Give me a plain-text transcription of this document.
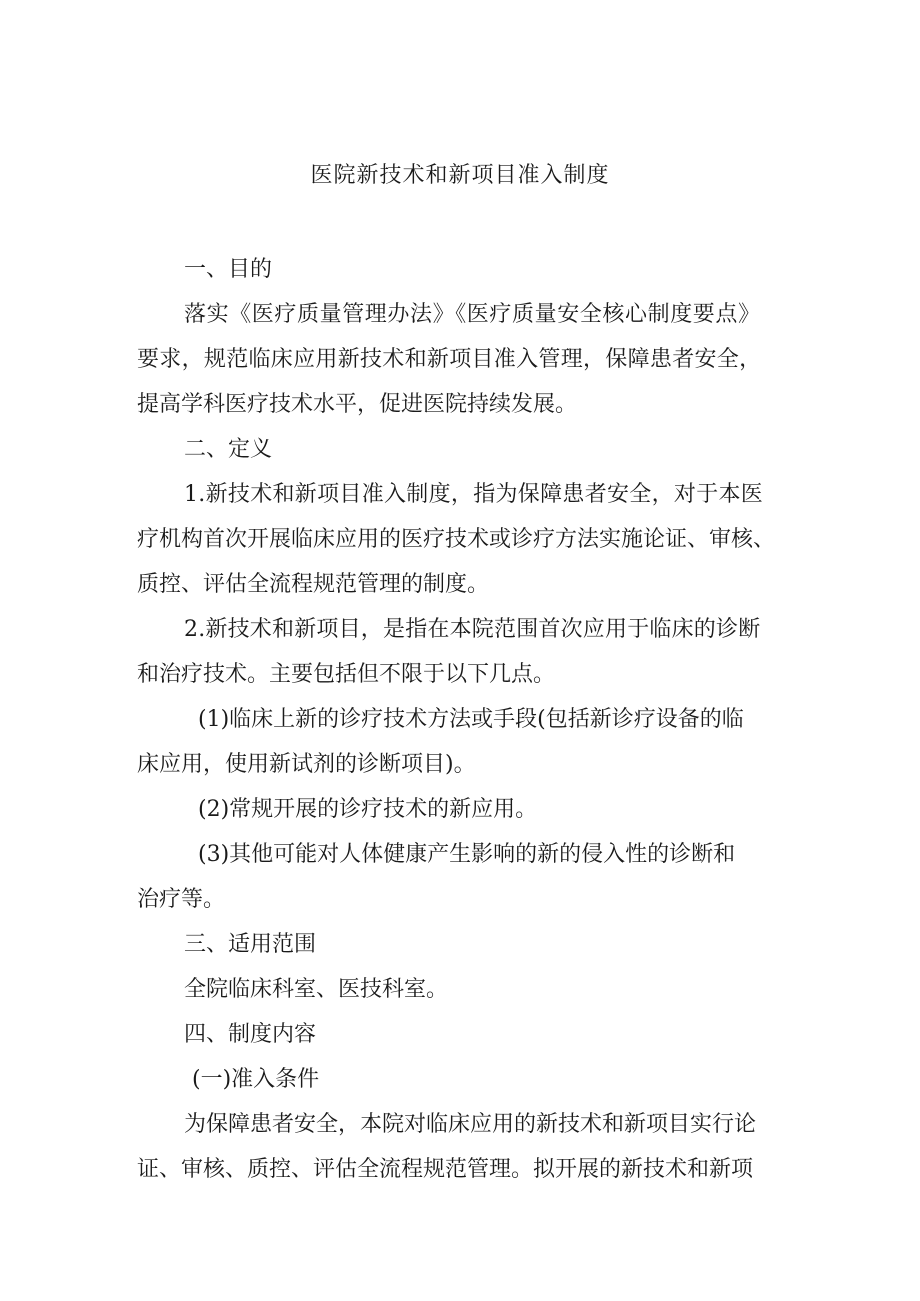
医院新技术和新项目准入制度
一、目的
落实《医疗质量管理办法》《医疗质量安全核心制度要点》
要求，规范临床应用新技术和新项目准入管理，保障患者安全，
提高学科医疗技术水平，促进医院持续发展。
二、定义
1.新技术和新项目准入制度，指为保障患者安全，对于本医
疗机构首次开展临床应用的医疗技术或诊疗方法实施论证、审核、
质控、评估全流程规范管理的制度。
2.新技术和新项目，是指在本院范围首次应用于临床的诊断
和治疗技术。主要包括但不限于以下几点。
(1)临床上新的诊疗技术方法或手段(包括新诊疗设备的临
床应用，使用新试剂的诊断项目)。
(2)常规开展的诊疗技术的新应用。
(3)其他可能对人体健康产生影响的新的侵入性的诊断和
治疗等。
三、适用范围
全院临床科室、医技科室。
四、制度内容
(一)准入条件
为保障患者安全，本院对临床应用的新技术和新项目实行论
证、审核、质控、评估全流程规范管理。拟开展的新技术和新项
